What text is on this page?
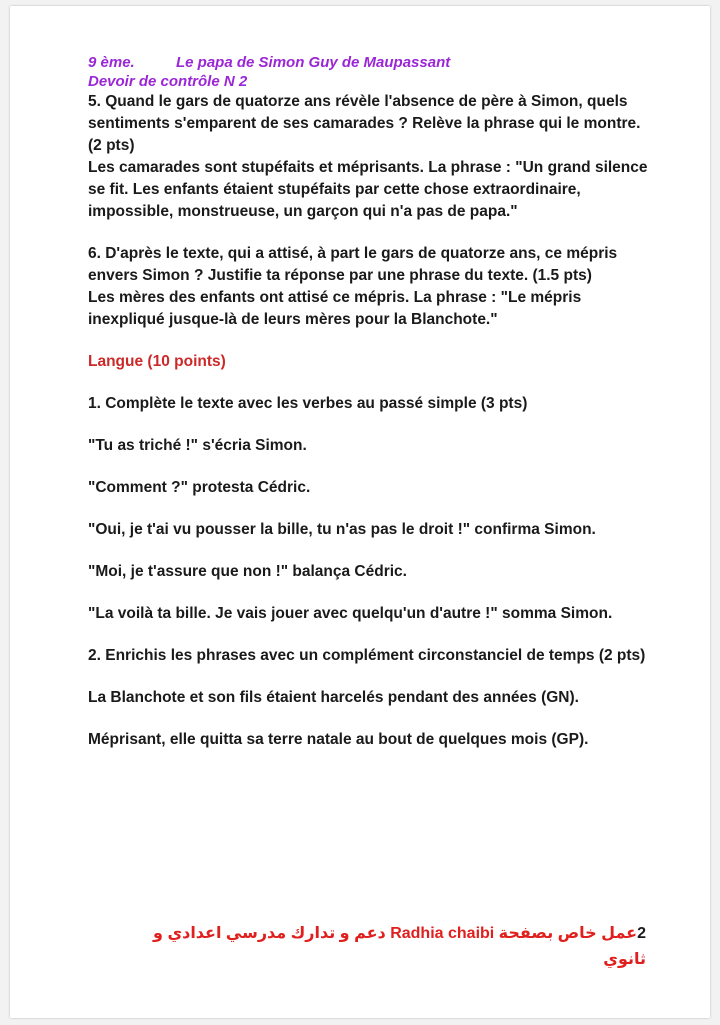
9 ème.	Le papa de Simon Guy de Maupassant
Devoir de contrôle N 2
5. Quand le gars de quatorze ans révèle l'absence de père à Simon, quels sentiments s'emparent de ses camarades ? Relève la phrase qui le montre. (2 pts)
Les camarades sont stupéfaits et méprisants. La phrase : "Un grand silence se fit. Les enfants étaient stupéfaits par cette chose extraordinaire, impossible, monstrueuse, un garçon qui n'a pas de papa."
6. D'après le texte, qui a attisé, à part le gars de quatorze ans, ce mépris envers Simon ? Justifie ta réponse par une phrase du texte. (1.5 pts)
Les mères des enfants ont attisé ce mépris. La phrase : "Le mépris inexpliqué jusque-là de leurs mères pour la Blanchote."
Langue (10 points)
1. Complète le texte avec les verbes au passé simple (3 pts)
"Tu as triché !" s'écria Simon.
"Comment ?" protesta Cédric.
"Oui, je t'ai vu pousser la bille, tu n'as pas le droit !" confirma Simon.
"Moi, je t'assure que non !" balança Cédric.
"La voilà ta bille. Je vais jouer avec quelqu'un d'autre !" somma Simon.
2. Enrichis les phrases avec un complément circonstanciel de temps (2 pts)
La Blanchote et son fils étaient harcelés pendant des années (GN).
Méprisant, elle quitta sa terre natale au bout de quelques mois (GP).
2عمل خاص بصفحة Radhia chaibi دعم و تدارك مدرسي اعدادي و ثانوي
